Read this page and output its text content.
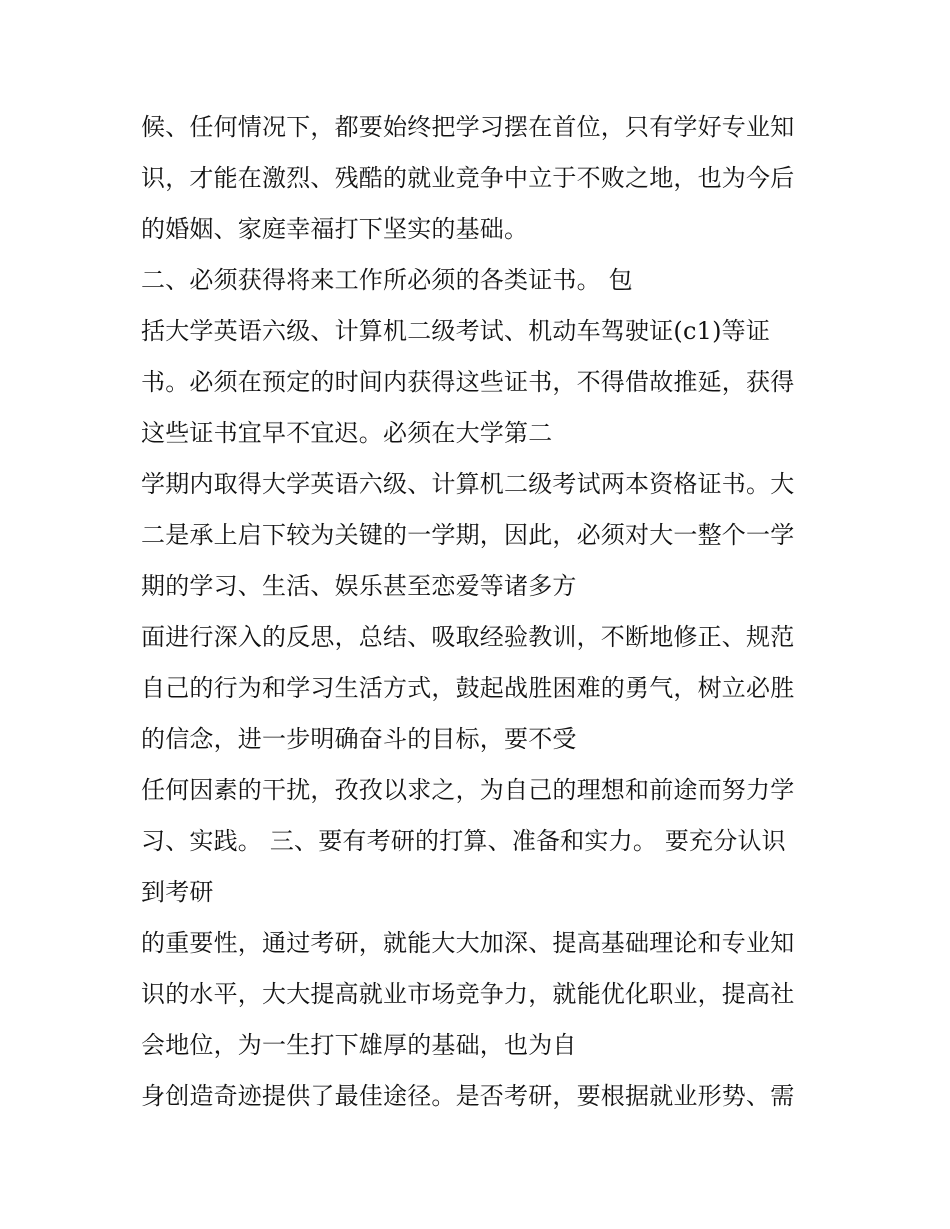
候、任何情况下，都要始终把学习摆在首位，只有学好专业知
识，才能在激烈、残酷的就业竞争中立于不败之地，也为今后
的婚姻、家庭幸福打下坚实的基础。
二、必须获得将来工作所必须的各类证书。 包
括大学英语六级、计算机二级考试、机动车驾驶证(c1)等证
书。必须在预定的时间内获得这些证书，不得借故推延，获得
这些证书宜早不宜迟。必须在大学第二
学期内取得大学英语六级、计算机二级考试两本资格证书。大
二是承上启下较为关键的一学期，因此，必须对大一整个一学
期的学习、生活、娱乐甚至恋爱等诸多方
面进行深入的反思，总结、吸取经验教训，不断地修正、规范
自己的行为和学习生活方式，鼓起战胜困难的勇气，树立必胜
的信念，进一步明确奋斗的目标，要不受
任何因素的干扰，孜孜以求之，为自己的理想和前途而努力学
习、实践。 三、要有考研的打算、准备和实力。 要充分认识
到考研
的重要性，通过考研，就能大大加深、提高基础理论和专业知
识的水平，大大提高就业市场竞争力，就能优化职业，提高社
会地位，为一生打下雄厚的基础，也为自
身创造奇迹提供了最佳途径。是否考研，要根据就业形势、需
